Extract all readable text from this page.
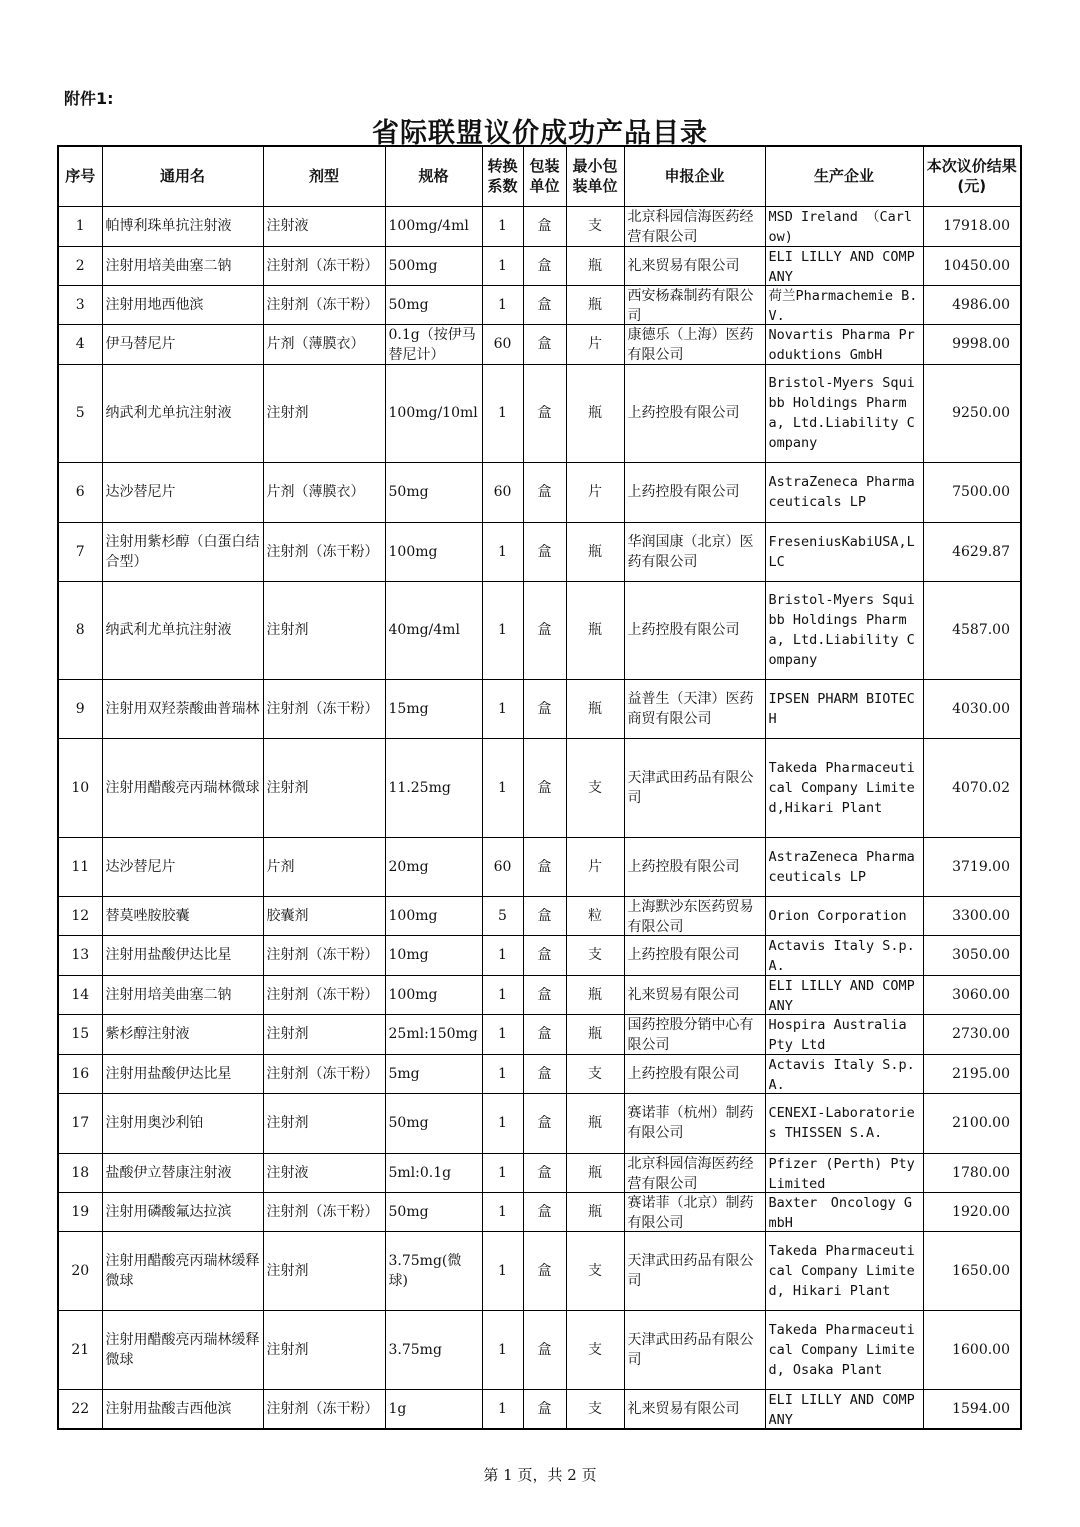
附件1:
省际联盟议价成功产品目录
序号	通用名	剂型	规格	转换系数	包装单位	最小包装单位	申报企业	生产企业	本次议价结果(元)

1	帕博利珠单抗注射液	注射液	100mg/4ml	1	盒	支	北京科园信海医药经营有限公司	MSD Ireland （Carlow)	17918.00

2	注射用培美曲塞二钠	注射剂（冻干粉）	500mg	1	盒	瓶	礼来贸易有限公司	ELI LILLY AND COMPANY	10450.00

3	注射用地西他滨	注射剂（冻干粉）	50mg	1	盒	瓶	西安杨森制药有限公司	荷兰Pharmachemie B.V.	4986.00

4	伊马替尼片	片剂（薄膜衣）	0.1g（按伊马替尼计）	60	盒	片	康德乐（上海）医药有限公司	Novartis Pharma Produktions GmbH	9998.00

5	纳武利尤单抗注射液	注射剂	100mg/10ml	1	盒	瓶	上药控股有限公司	Bristol-Myers Squibb Holdings Pharma, Ltd.Liability Company	9250.00

6	达沙替尼片	片剂（薄膜衣）	50mg	60	盒	片	上药控股有限公司	AstraZeneca Pharmaceuticals LP	7500.00

7	注射用紫杉醇（白蛋白结合型）	注射剂（冻干粉）	100mg	1	盒	瓶	华润国康（北京）医药有限公司	FreseniusKabiUSA,LLC	4629.87

8	纳武利尤单抗注射液	注射剂	40mg/4ml	1	盒	瓶	上药控股有限公司	Bristol-Myers Squibb Holdings Pharma, Ltd.Liability Company	4587.00

9	注射用双羟萘酸曲普瑞林	注射剂（冻干粉）	15mg	1	盒	瓶	益普生（天津）医药商贸有限公司	IPSEN PHARM BIOTECH	4030.00

10	注射用醋酸亮丙瑞林微球	注射剂	11.25mg	1	盒	支	天津武田药品有限公司	Takeda Pharmaceutical Company Limited,Hikari Plant	4070.02

11	达沙替尼片	片剂	20mg	60	盒	片	上药控股有限公司	AstraZeneca Pharmaceuticals LP	3719.00

12	替莫唑胺胶囊	胶囊剂	100mg	5	盒	粒	上海默沙东医药贸易有限公司	Orion Corporation	3300.00

13	注射用盐酸伊达比星	注射剂（冻干粉）	10mg	1	盒	支	上药控股有限公司	Actavis Italy S.p.A.	3050.00

14	注射用培美曲塞二钠	注射剂（冻干粉）	100mg	1	盒	瓶	礼来贸易有限公司	ELI LILLY AND COMPANY	3060.00

15	紫杉醇注射液	注射剂	25ml:150mg	1	盒	瓶	国药控股分销中心有限公司	Hospira Australia Pty Ltd	2730.00

16	注射用盐酸伊达比星	注射剂（冻干粉）	5mg	1	盒	支	上药控股有限公司	Actavis Italy S.p.A.	2195.00

17	注射用奥沙利铂	注射剂	50mg	1	盒	瓶	赛诺菲（杭州）制药有限公司	CENEXI-Laboratories THISSEN S.A.	2100.00

18	盐酸伊立替康注射液	注射液	5ml:0.1g	1	盒	瓶	北京科园信海医药经营有限公司	Pfizer (Perth) Pty Limited	1780.00

19	注射用磷酸氟达拉滨	注射剂（冻干粉）	50mg	1	盒	瓶	赛诺菲（北京）制药有限公司	Baxter　Oncology GmbH	1920.00

20	注射用醋酸亮丙瑞林缓释微球	注射剂	3.75mg(微球)	1	盒	支	天津武田药品有限公司	Takeda Pharmaceutical Company Limited, Hikari Plant	1650.00

21	注射用醋酸亮丙瑞林缓释微球	注射剂	3.75mg	1	盒	支	天津武田药品有限公司	Takeda Pharmaceutical Company Limited, Osaka Plant	1600.00

22	注射用盐酸吉西他滨	注射剂（冻干粉）	1g	1	盒	支	礼来贸易有限公司	ELI LILLY AND COMPANY	1594.00
第 1 页，共 2 页
